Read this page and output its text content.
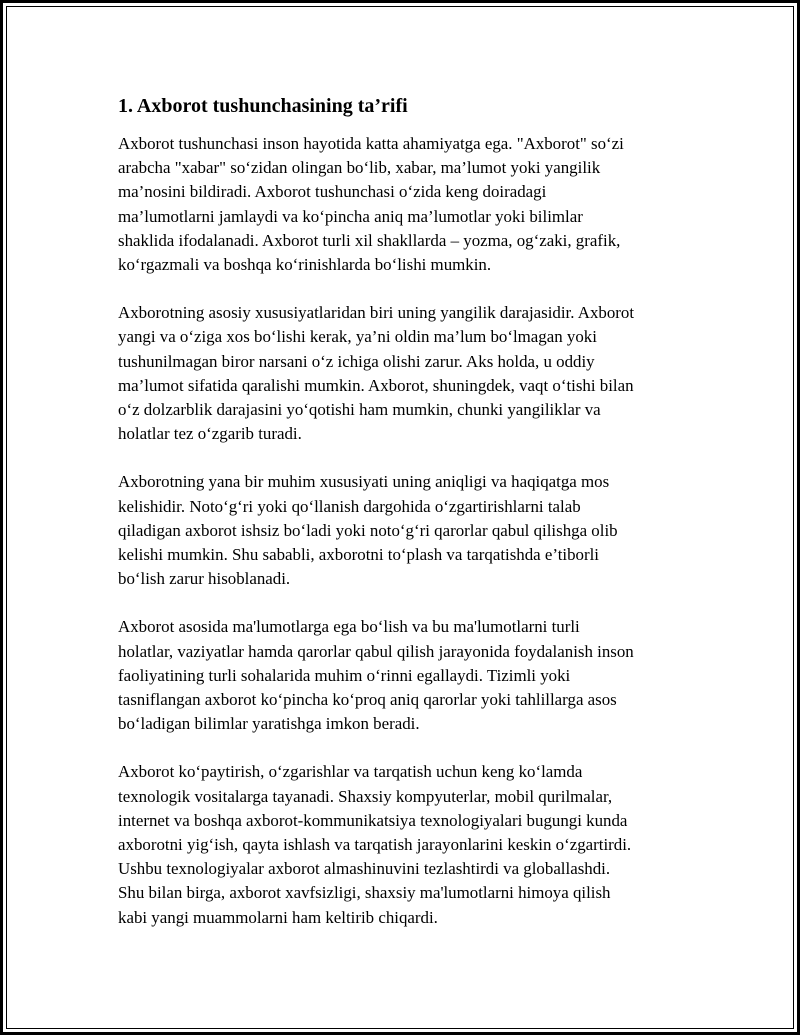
1. Axborot tushunchasining ta’rifi

Axborot tushunchasi inson hayotida katta ahamiyatga ega. "Axborot" so‘zi
arabcha "xabar" so‘zidan olingan bo‘lib, xabar, ma’lumot yoki yangilik
ma’nosini bildiradi. Axborot tushunchasi o‘zida keng doiradagi
ma’lumotlarni jamlaydi va ko‘pincha aniq ma’lumotlar yoki bilimlar
shaklida ifodalanadi. Axborot turli xil shakllarda – yozma, og‘zaki, grafik,
ko‘rgazmali va boshqa ko‘rinishlarda bo‘lishi mumkin.

Axborotning asosiy xususiyatlaridan biri uning yangilik darajasidir. Axborot
yangi va o‘ziga xos bo‘lishi kerak, ya’ni oldin ma’lum bo‘lmagan yoki
tushunilmagan biror narsani o‘z ichiga olishi zarur. Aks holda, u oddiy
ma’lumot sifatida qaralishi mumkin. Axborot, shuningdek, vaqt o‘tishi bilan
o‘z dolzarblik darajasini yo‘qotishi ham mumkin, chunki yangiliklar va
holatlar tez o‘zgarib turadi.

Axborotning yana bir muhim xususiyati uning aniqligi va haqiqatga mos
kelishidir. Noto‘g‘ri yoki qo‘llanish dargohida o‘zgartirishlarni talab
qiladigan axborot ishsiz bo‘ladi yoki noto‘g‘ri qarorlar qabul qilishga olib
kelishi mumkin. Shu sababli, axborotni to‘plash va tarqatishda e’tiborli
bo‘lish zarur hisoblanadi.

Axborot asosida ma'lumotlarga ega bo‘lish va bu ma'lumotlarni turli
holatlar, vaziyatlar hamda qarorlar qabul qilish jarayonida foydalanish inson
faoliyatining turli sohalarida muhim o‘rinni egallaydi. Tizimli yoki
tasniflangan axborot ko‘pincha ko‘proq aniq qarorlar yoki tahlillarga asos
bo‘ladigan bilimlar yaratishga imkon beradi.

Axborot ko‘paytirish, o‘zgarishlar va tarqatish uchun keng ko‘lamda
texnologik vositalarga tayanadi. Shaxsiy kompyuterlar, mobil qurilmalar,
internet va boshqa axborot-kommunikatsiya texnologiyalari bugungi kunda
axborotni yig‘ish, qayta ishlash va tarqatish jarayonlarini keskin o‘zgartirdi.
Ushbu texnologiyalar axborot almashinuvini tezlashtirdi va globallashdi.
Shu bilan birga, axborot xavfsizligi, shaxsiy ma'lumotlarni himoya qilish
kabi yangi muammolarni ham keltirib chiqardi.
